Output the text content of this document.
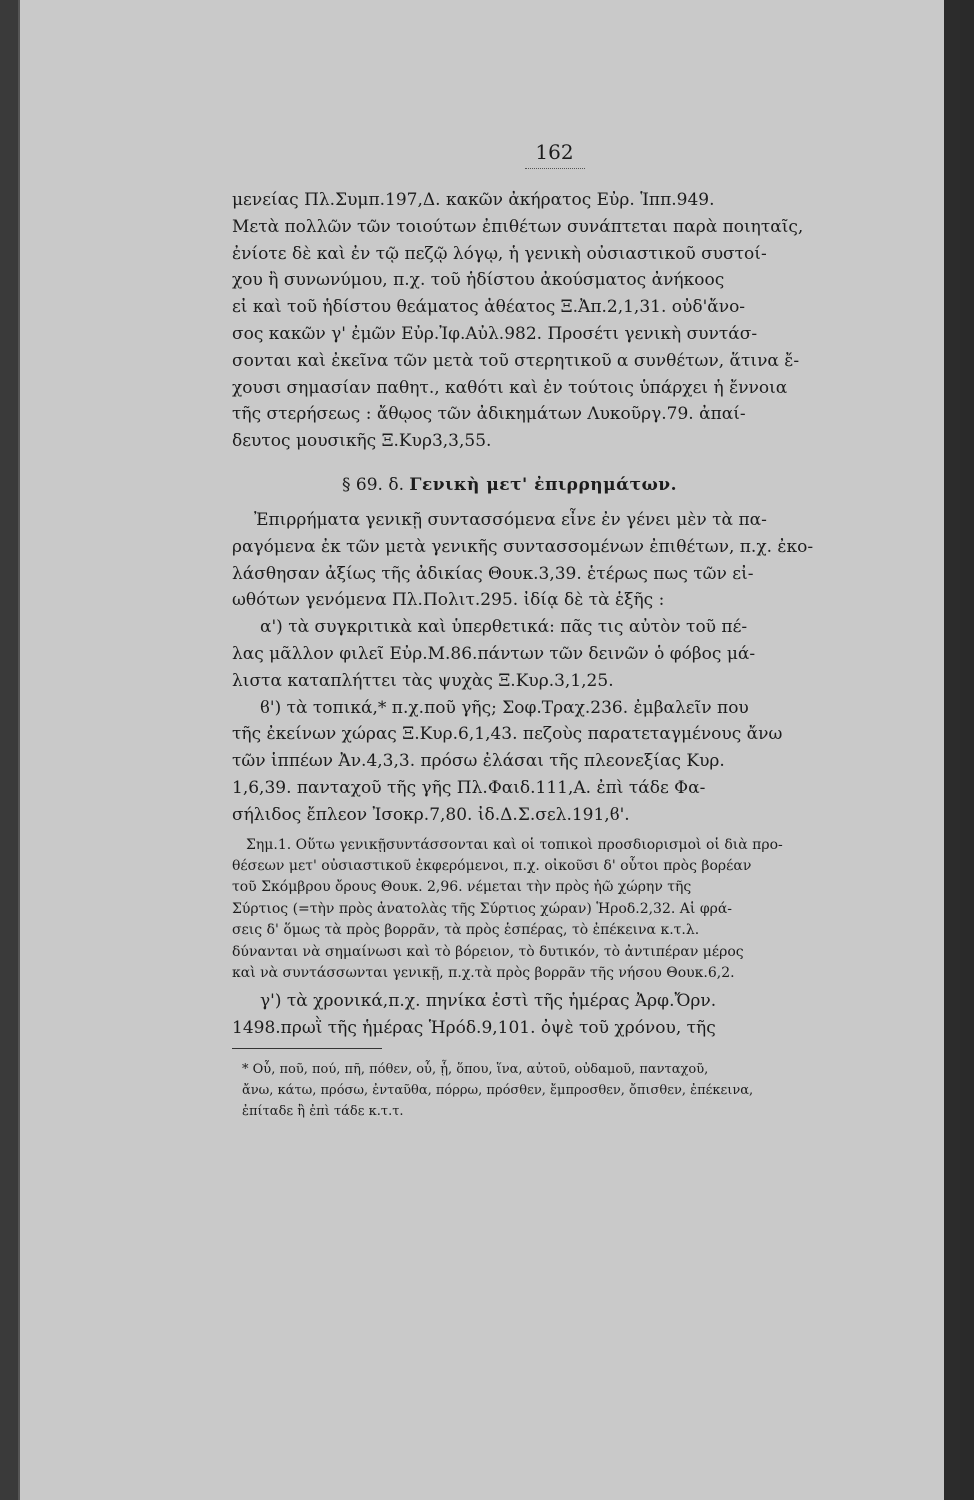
162

μενείας Πλ.Συμπ.197,Δ. κακῶν ἀκήρατος Εὐρ. Ἱππ.949.

Μετὰ πολλῶν τῶν τοιούτων ἐπιθέτων συνάπτεται παρὰ ποιηταῖς,

ἐνίοτε δὲ καὶ ἐν τῷ πεζῷ λόγῳ, ἡ γενικὴ οὐσιαστικοῦ συστοί-

χου ἢ συνωνύμου, π.χ. τοῦ ἡδίστου ἀκούσματος ἀνήκοος

εἰ καὶ τοῦ ἡδίστου θεάματος ἀθέατος Ξ.Ἀπ.2,1,31. οὐδ'ἄνο-

σος κακῶν γ' ἐμῶν Εὐρ.Ἰφ.Αὐλ.982. Προσέτι γενικὴ συντάσ-

σονται καὶ ἐκεῖνα τῶν μετὰ τοῦ στερητικοῦ α συνθέτων, ἅτινα ἔ-

χουσι σημασίαν παθητ., καθότι καὶ ἐν τούτοις ὑπάρχει ἡ ἔννοια

τῆς στερήσεως : ἄθῳος τῶν ἀδικημάτων Λυκοῦργ.79. ἀπαί-

δευτος μουσικῆς Ξ.Κυρ3,3,55.

§ 69. δ. Γενικὴ μετ' ἐπιρρημάτων.

Ἐπιρρήματα γενικῇ συντασσόμενα εἶνε ἐν γένει μὲν τὰ πα-

ραγόμενα ἐκ τῶν μετὰ γενικῆς συντασσομένων ἐπιθέτων, π.χ. ἐκο-

λάσθησαν ἀξίως τῆς ἀδικίας Θουκ.3,39. ἑτέρως πως τῶν εἰ-

ωθότων γενόμενα Πλ.Πολιτ.295. ἰδίᾳ δὲ τὰ ἑξῆς :

α') τὰ συγκριτικὰ καὶ ὑπερθετικά: πᾶς τις αὐτὸν τοῦ πέ-

λας μᾶλλον φιλεῖ Εὐρ.Μ.86.πάντων τῶν δεινῶν ὁ φόβος μά-

λιστα καταπλήττει τὰς ψυχὰς Ξ.Κυρ.3,1,25.

ϐ') τὰ τοπικά,* π.χ.ποῦ γῆς; Σοφ.Τραχ.236. ἐμβαλεῖν που

τῆς ἐκείνων χώρας Ξ.Κυρ.6,1,43. πεζοὺς παρατεταγμένους ἄνω

τῶν ἱππέων Ἀν.4,3,3. πρόσω ἐλάσαι τῆς πλεονεξίας Κυρ.

1,6,39. πανταχοῦ τῆς γῆς Πλ.Φαιδ.111,Α. ἐπὶ τάδε Φα-

σήλιδος ἔπλεον Ἰσοκρ.7,80. ἰδ.Δ.Σ.σελ.191,ϐ'.

Σημ.1. Οὕτω γενικῇσυντάσσονται καὶ οἱ τοπικοὶ προσδιορισμοὶ οἱ διὰ προ-

θέσεων μετ' οὐσιαστικοῦ ἐκφερόμενοι, π.χ. οἰκοῦσι δ' οὗτοι πρὸς βορέαν

τοῦ Σκόμβρου ὄρους Θουκ. 2,96. νέμεται τὴν πρὸς ἠῶ χώρην τῆς

Σύρτιος (=τὴν πρὸς ἀνατολὰς τῆς Σύρτιος χώραν) Ἡροδ.2,32. Αἱ φρά-

σεις δ' ὅμως τὰ πρὸς βορρᾶν, τὰ πρὸς ἑσπέρας, τὸ ἐπέκεινα κ.τ.λ.

δύνανται νὰ σημαίνωσι καὶ τὸ βόρειον, τὸ δυτικόν, τὸ ἀντιπέραν μέρος

καὶ νὰ συντάσσωνται γενικῇ, π.χ.τὰ πρὸς βορρᾶν τῆς νήσου Θουκ.6,2.

γ') τὰ χρονικά,π.χ. πηνίκα ἐστὶ τῆς ἡμέρας Ἀρφ.Ὄρν.

1498.πρωῒ τῆς ἡμέρας Ἡρόδ.9,101. ὀψὲ τοῦ χρόνου, τῆς

* Οὗ, ποῦ, πού, πῆ, πόθεν, οὗ, ᾗ, ὅπου, ἵνα, αὐτοῦ, οὐδαμοῦ, πανταχοῦ,

ἄνω, κάτω, πρόσω, ἐνταῦθα, πόρρω, πρόσθεν, ἔμπροσθεν, ὄπισθεν, ἐπέκεινα,

ἐπίταδε ἢ ἐπὶ τάδε κ.τ.τ.
